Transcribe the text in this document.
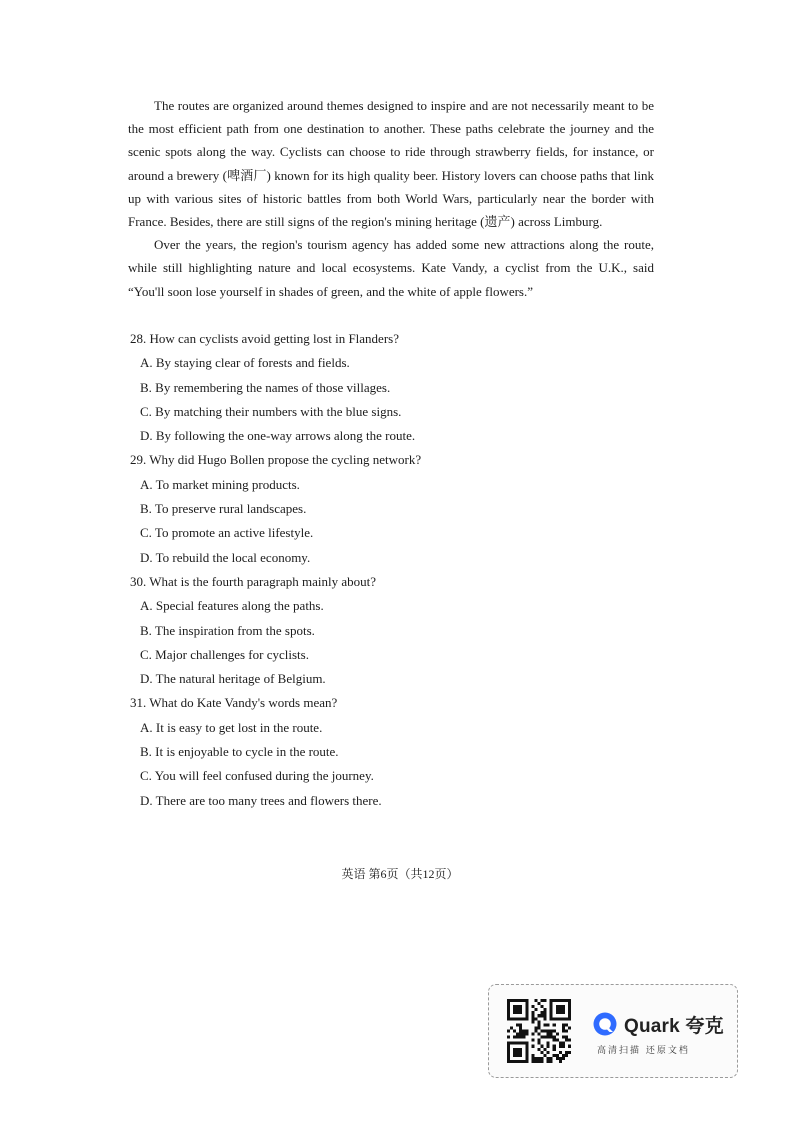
The routes are organized around themes designed to inspire and are not necessarily meant to be the most efficient path from one destination to another. These paths celebrate the journey and the scenic spots along the way. Cyclists can choose to ride through strawberry fields, for instance, or around a brewery (啤酒厂) known for its high quality beer. History lovers can choose paths that link up with various sites of historic battles from both World Wars, particularly near the border with France. Besides, there are still signs of the region's mining heritage (遗产) across Limburg.

Over the years, the region's tourism agency has added some new attractions along the route, while still highlighting nature and local ecosystems. Kate Vandy, a cyclist from the U.K., said “You'll soon lose yourself in shades of green, and the white of apple flowers.”

28. How can cyclists avoid getting lost in Flanders?
A. By staying clear of forests and fields.
B. By remembering the names of those villages.
C. By matching their numbers with the blue signs.
D. By following the one-way arrows along the route.
29. Why did Hugo Bollen propose the cycling network?
A. To market mining products.
B. To preserve rural landscapes.
C. To promote an active lifestyle.
D. To rebuild the local economy.
30. What is the fourth paragraph mainly about?
A. Special features along the paths.
B. The inspiration from the spots.
C. Major challenges for cyclists.
D. The natural heritage of Belgium.
31. What do Kate Vandy's words mean?
A. It is easy to get lost in the route.
B. It is enjoyable to cycle in the route.
C. You will feel confused during the journey.
D. There are too many trees and flowers there.
英语 第6页（共12页）
Quark 夸克
高清扫描 还原文档
